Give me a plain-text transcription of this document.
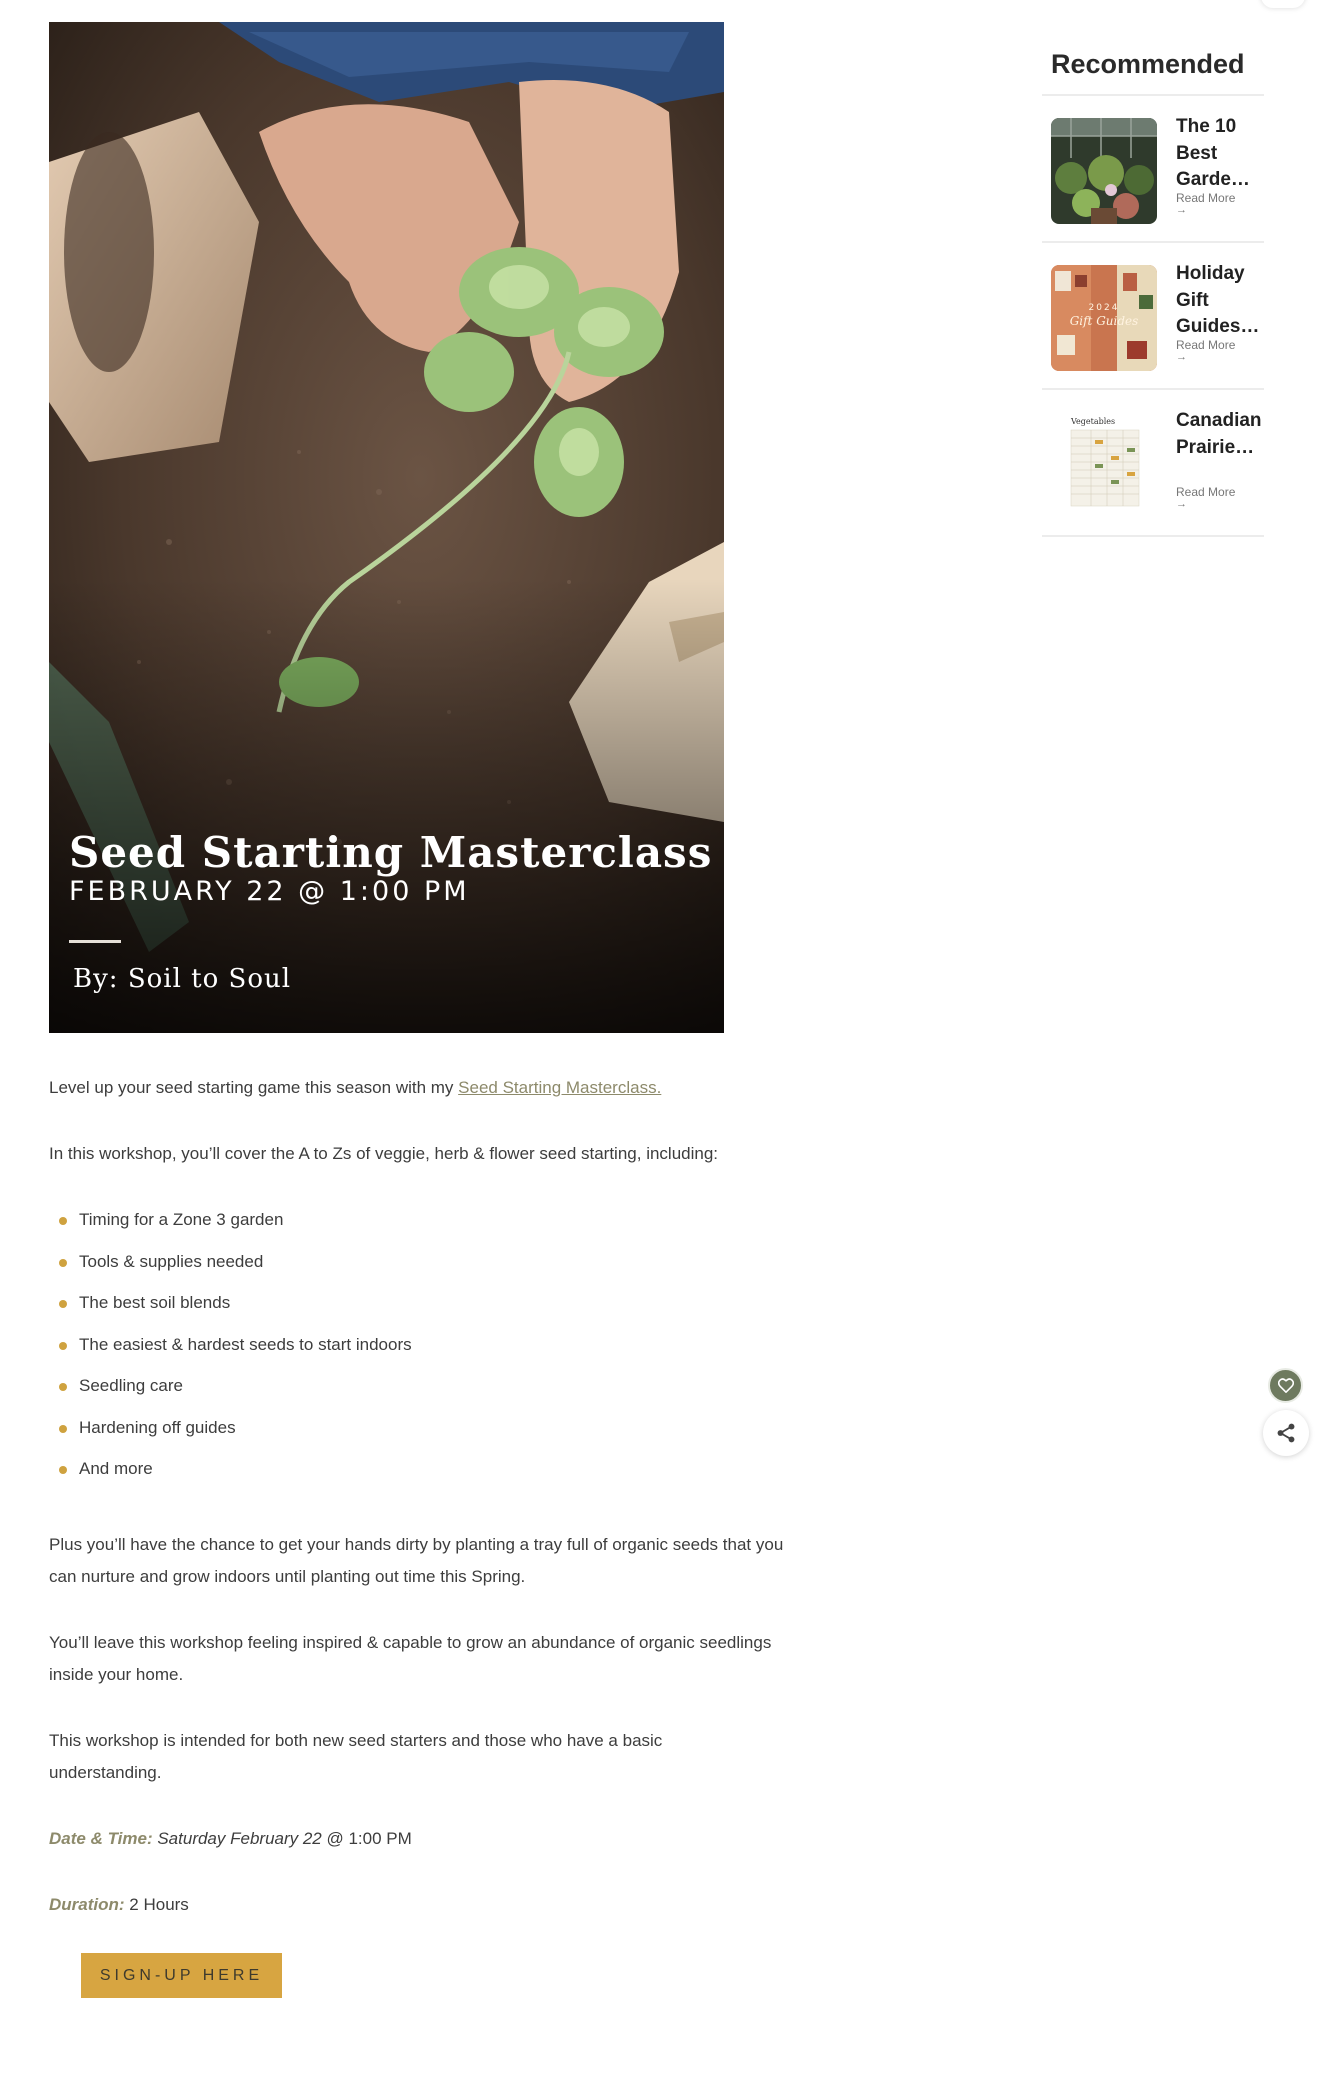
Seed Starting Masterclass
FEBRUARY 22 @ 1:00 PM
By: Soil to Soul

Level up your seed starting game this season with my Seed Starting Masterclass.

In this workshop, you’ll cover the A to Zs of veggie, herb & flower seed starting, including:

Timing for a Zone 3 garden
Tools & supplies needed
The best soil blends
The easiest & hardest seeds to start indoors
Seedling care
Hardening off guides
And more

Plus you’ll have the chance to get your hands dirty by planting a tray full of organic seeds that you can nurture and grow indoors until planting out time this Spring.

You’ll leave this workshop feeling inspired & capable to grow an abundance of organic seedlings inside your home.

This workshop is intended for both new seed starters and those who have a basic understanding.

Date & Time: Saturday February 22 @ 1:00 PM

Duration: 2 Hours

SIGN-UP HERE
Recommended
The 10 Best Garde…
Read More
→
2024
Gift Guides
Holiday Gift Guides…
Read More
→
Vegetables	Canadian Prairie…
Read More
→
